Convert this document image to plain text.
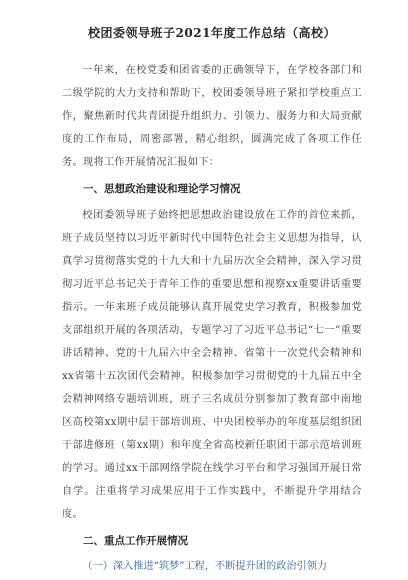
校团委领导班子2021年度工作总结（高校）

一年来，在校党委和团省委的正确领导下，在学校各部门和二级学院的大力支持和帮助下，校团委领导班子紧扣学校重点工作，聚焦新时代共青团提升组织力、引领力、服务力和大局贡献度的工作布局，周密部署，精心组织，圆满完成了各项工作任务。现将工作开展情况汇报如下：

一、思想政治建设和理论学习情况

校团委领导班子始终把思想政治建设放在工作的首位来抓，班子成员坚持以习近平新时代中国特色社会主义思想为指导，认真学习贯彻落实党的十九大和十九届历次全会精神，深入学习贯彻习近平总书记关于青年工作的重要思想和视察xx重要讲话重要指示。一年来班子成员能够认真开展党史学习教育，积极参加党支部组织开展的各项活动，专题学习了习近平总书记“七一”重要讲话精神、党的十九届六中全会精神、省第十一次党代会精神和xx省第十五次团代会精神。积极参加学习贯彻党的十九届五中全会精神网络专题培训班，班子三名成员分别参加了教育部中南地区高校第xx期中层干部培训班、中央团校举办的年度基层组织团干部进修班（第xx期）和年度全省高校新任职团干部示范培训班的学习。通过xx干部网络学院在线学习平台和学习强国开展日常自学。注重将学习成果应用于工作实践中，不断提升学用结合度。

二、重点工作开展情况
（一）深入推进“筑梦”工程，不断提升团的政治引领力
